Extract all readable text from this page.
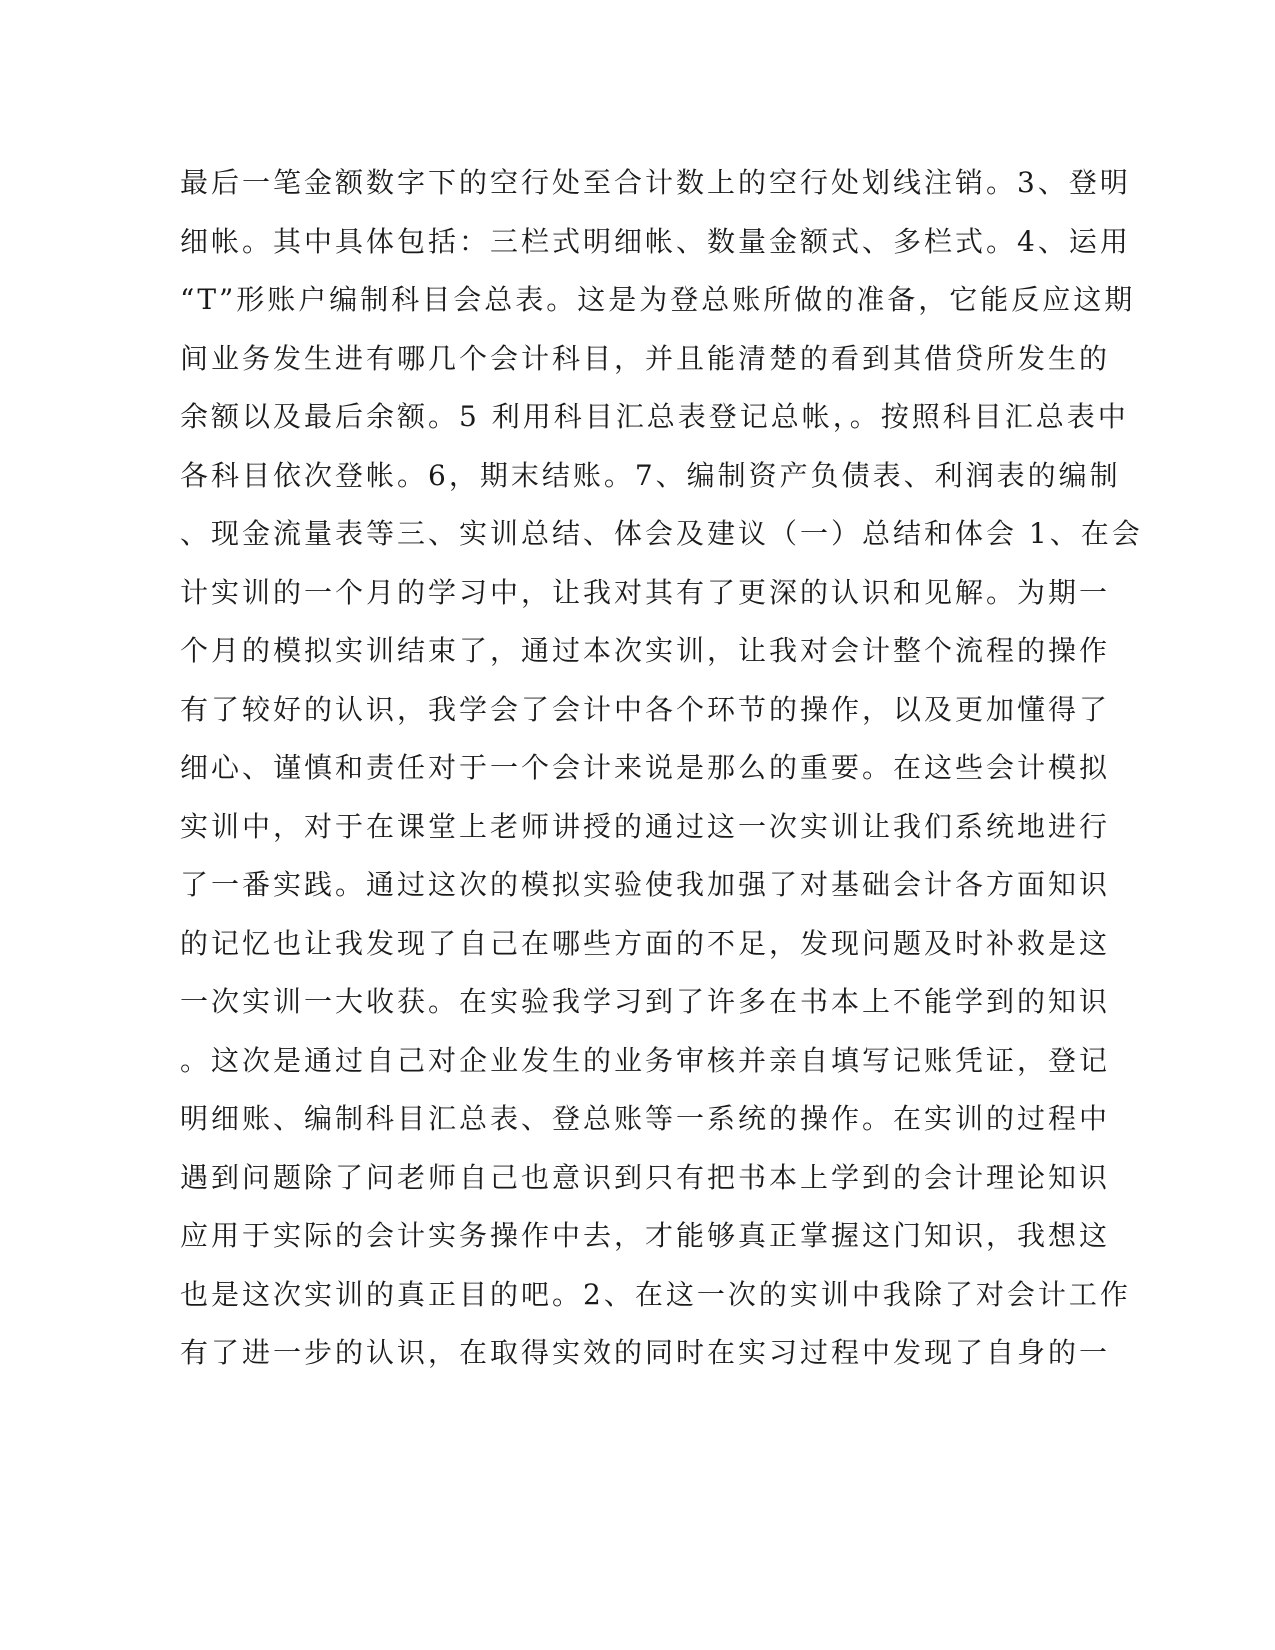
最后一笔金额数字下的空行处至合计数上的空行处划线注销。3、登明
细帐。其中具体包括：三栏式明细帐、数量金额式、多栏式。4、运用
“T”形账户编制科目会总表。这是为登总账所做的准备，它能反应这期
间业务发生进有哪几个会计科目，并且能清楚的看到其借贷所发生的
余额以及最后余额。5 利用科目汇总表登记总帐，。按照科目汇总表中
各科目依次登帐。6，期末结账。7、编制资产负债表、利润表的编制
、现金流量表等三、实训总结、体会及建议（一）总结和体会 1、在会
计实训的一个月的学习中，让我对其有了更深的认识和见解。为期一
个月的模拟实训结束了，通过本次实训，让我对会计整个流程的操作
有了较好的认识，我学会了会计中各个环节的操作，以及更加懂得了
细心、谨慎和责任对于一个会计来说是那么的重要。在这些会计模拟
实训中，对于在课堂上老师讲授的通过这一次实训让我们系统地进行
了一番实践。通过这次的模拟实验使我加强了对基础会计各方面知识
的记忆也让我发现了自己在哪些方面的不足，发现问题及时补救是这
一次实训一大收获。在实验我学习到了许多在书本上不能学到的知识
。这次是通过自己对企业发生的业务审核并亲自填写记账凭证，登记
明细账、编制科目汇总表、登总账等一系统的操作。在实训的过程中
遇到问题除了问老师自己也意识到只有把书本上学到的会计理论知识
应用于实际的会计实务操作中去，才能够真正掌握这门知识，我想这
也是这次实训的真正目的吧。2、在这一次的实训中我除了对会计工作
有了进一步的认识，在取得实效的同时在实习过程中发现了自身的一
